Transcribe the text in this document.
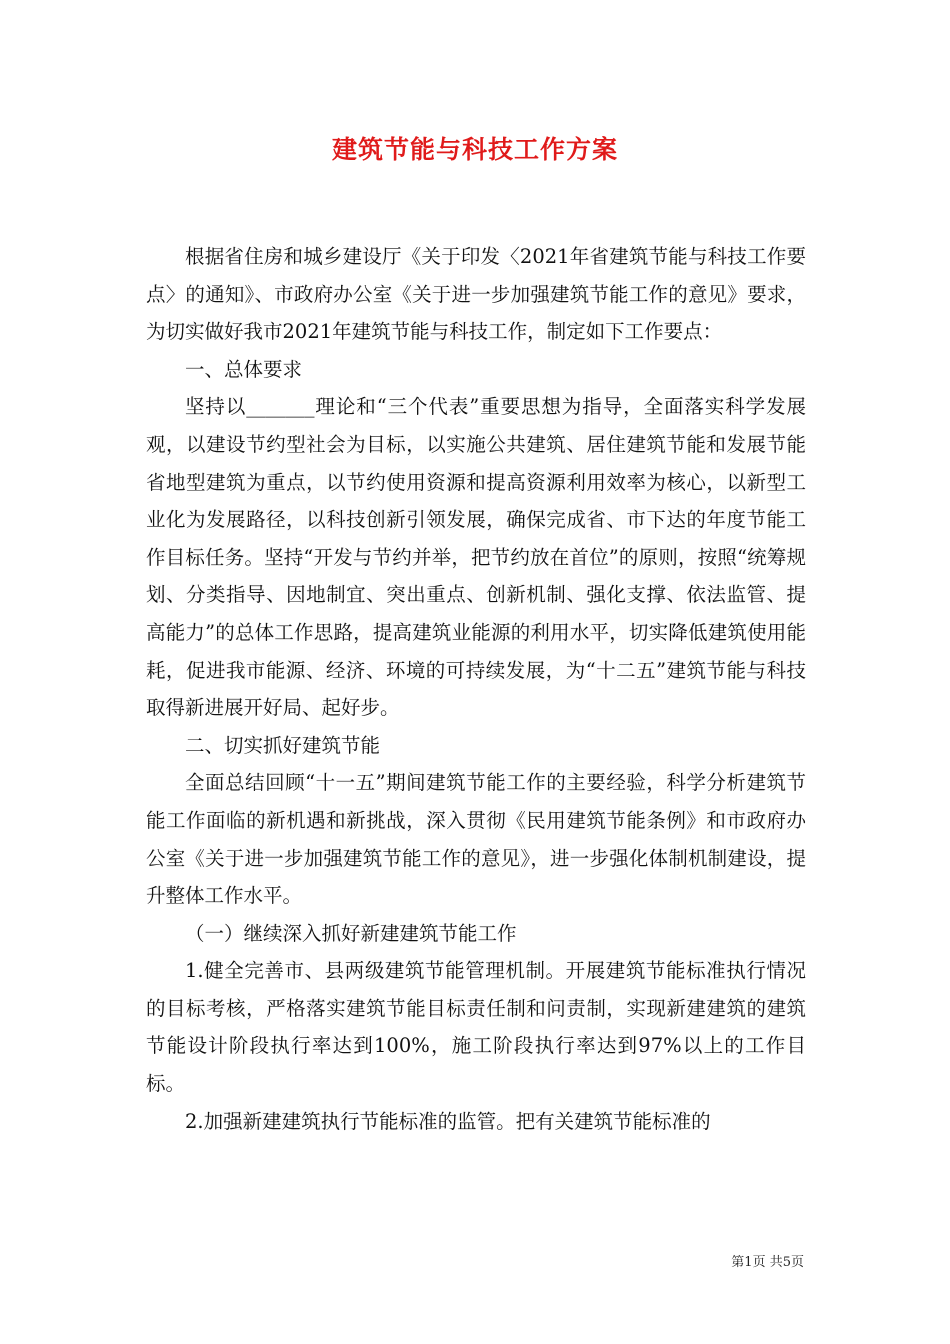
建筑节能与科技工作方案

根据省住房和城乡建设厅《关于印发〈2021年省建筑节能与科技工作要点〉的通知》、市政府办公室《关于进一步加强建筑节能工作的意见》要求，为切实做好我市2021年建筑节能与科技工作，制定如下工作要点：

一、总体要求

坚持以_______理论和“三个代表”重要思想为指导，全面落实科学发展观，以建设节约型社会为目标，以实施公共建筑、居住建筑节能和发展节能省地型建筑为重点，以节约使用资源和提高资源利用效率为核心，以新型工业化为发展路径，以科技创新引领发展，确保完成省、市下达的年度节能工作目标任务。坚持“开发与节约并举，把节约放在首位”的原则，按照“统筹规划、分类指导、因地制宜、突出重点、创新机制、强化支撑、依法监管、提高能力”的总体工作思路，提高建筑业能源的利用水平，切实降低建筑使用能耗，促进我市能源、经济、环境的可持续发展，为“十二五”建筑节能与科技取得新进展开好局、起好步。

二、切实抓好建筑节能

全面总结回顾“十一五”期间建筑节能工作的主要经验，科学分析建筑节能工作面临的新机遇和新挑战，深入贯彻《民用建筑节能条例》和市政府办公室《关于进一步加强建筑节能工作的意见》，进一步强化体制机制建设，提升整体工作水平。

（一）继续深入抓好新建建筑节能工作

1.健全完善市、县两级建筑节能管理机制。开展建筑节能标准执行情况的目标考核，严格落实建筑节能目标责任制和问责制，实现新建建筑的建筑节能设计阶段执行率达到100%，施工阶段执行率达到97%以上的工作目标。

2.加强新建建筑执行节能标准的监管。把有关建筑节能标准的

第1页 共5页
